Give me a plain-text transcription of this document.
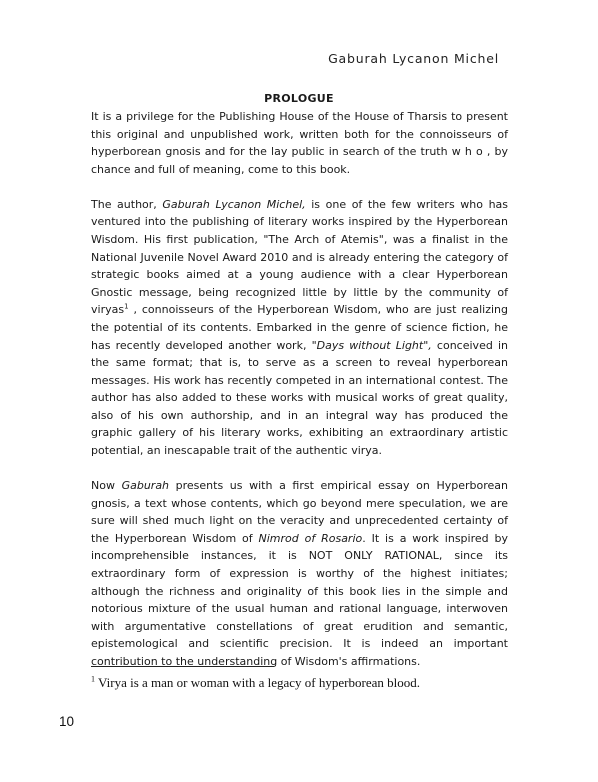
Gaburah Lycanon Michel
PROLOGUE

It is a privilege for the Publishing House of the House of Tharsis to present this original and unpublished work, written both for the connoisseurs of hyperborean gnosis and for the lay public in search of the truth w h o , by chance and full of meaning, come to this book.

The author, Gaburah Lycanon Michel, is one of the few writers who has ventured into the publishing of literary works inspired by the Hyperborean Wisdom. His first publication, "The Arch of Atemis", was a finalist in the National Juvenile Novel Award 2010 and is already entering the category of strategic books aimed at a young audience with a clear Hyperborean Gnostic message, being recognized little by little by the community of viryas$^1$ , connoisseurs of the Hyperborean Wisdom, who are just realizing the potential of its contents. Embarked in the genre of science fiction, he has recently developed another work, "Days without Light", conceived in the same format; that is, to serve as a screen to reveal hyperborean messages. His work has recently competed in an international contest. The author has also added to these works with musical works of great quality, also of his own authorship, and in an integral way has produced the graphic gallery of his literary works, exhibiting an extraordinary artistic potential, an inescapable trait of the authentic virya.

Now Gaburah presents us with a first empirical essay on Hyperborean gnosis, a text whose contents, which go beyond mere speculation, we are sure will shed much light on the veracity and unprecedented certainty of the Hyperborean Wisdom of Nimrod of Rosario. It is a work inspired by incomprehensible instances, it is NOT ONLY RATIONAL, since its extraordinary form of expression is worthy of the highest initiates; although the richness and originality of this book lies in the simple and notorious mixture of the usual human and rational language, interwoven with argumentative constellations of great erudition and semantic, epistemological and scientific precision. It is indeed an important contribution to the understanding of Wisdom's affirmations.

$^1$ Virya is a man or woman with a legacy of hyperborean blood.
10
